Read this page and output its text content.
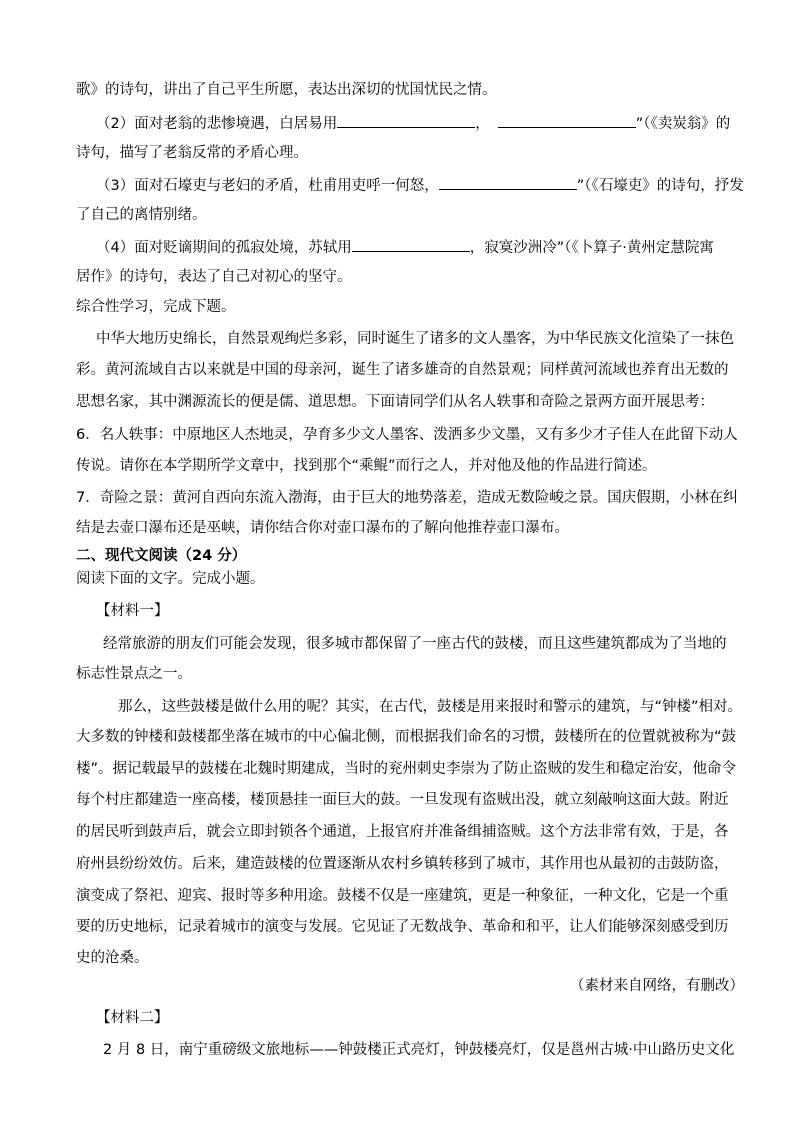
歌》的诗句，讲出了自己平生所愿，表达出深切的忧国忧民之情。
（2）面对老翁的悲惨境遇，白居易用	，	”（《卖炭翁》的
诗句，描写了老翁反常的矛盾心理。
（3）面对石壕吏与老妇的矛盾，杜甫用吏呼一何怒，	”（《石壕吏》的诗句，抒发
了自己的离情别绪。
（4）面对贬谪期间的孤寂处境，苏轼用	，寂寞沙洲冷”（《卜算子·黄州定慧院寓
居作》的诗句，表达了自己对初心的坚守。
综合性学习，完成下题。
中华大地历史绵长，自然景观绚烂多彩，同时诞生了诸多的文人墨客，为中华民族文化渲染了一抹色
彩。黄河流域自古以来就是中国的母亲河，诞生了诸多雄奇的自然景观；同样黄河流域也养育出无数的
思想名家，其中渊源流长的便是儒、道思想。下面请同学们从名人轶事和奇险之景两方面开展思考：
6．名人轶事：中原地区人杰地灵，孕育多少文人墨客、泼洒多少文墨，又有多少才子佳人在此留下动人
传说。请你在本学期所学文章中，找到那个“乘鲲”而行之人，并对他及他的作品进行简述。
7．奇险之景：黄河自西向东流入渤海，由于巨大的地势落差，造成无数险峻之景。国庆假期，小林在纠
结是去壶口瀑布还是巫峡，请你结合你对壶口瀑布的了解向他推荐壶口瀑布。
二、现代文阅读（24 分）
阅读下面的文字。完成小题。
【材料一】
经常旅游的朋友们可能会发现，很多城市都保留了一座古代的鼓楼，而且这些建筑都成为了当地的
标志性景点之一。
那么，这些鼓楼是做什么用的呢？其实，在古代，鼓楼是用来报时和警示的建筑，与“钟楼”相对。
大多数的钟楼和鼓楼都坐落在城市的中心偏北侧，而根据我们命名的习惯，鼓楼所在的位置就被称为“鼓
楼”。据记载最早的鼓楼在北魏时期建成，当时的兖州刺史李崇为了防止盗贼的发生和稳定治安，他命令
每个村庄都建造一座高楼，楼顶悬挂一面巨大的鼓。一旦发现有盗贼出没，就立刻敲响这面大鼓。附近
的居民听到鼓声后，就会立即封锁各个通道，上报官府并准备缉捕盗贼。这个方法非常有效，于是，各
府州县纷纷效仿。后来，建造鼓楼的位置逐渐从农村乡镇转移到了城市，其作用也从最初的击鼓防盗，
演变成了祭祀、迎宾、报时等多种用途。鼓楼不仅是一座建筑，更是一种象征，一种文化，它是一个重
要的历史地标，记录着城市的演变与发展。它见证了无数战争、革命和和平，让人们能够深刻感受到历
史的沧桑。
（素材来自网络，有删改）
【材料二】
2 月 8 日，南宁重磅级文旅地标——钟鼓楼正式亮灯，钟鼓楼亮灯，仅是邕州古城·中山路历史文化
